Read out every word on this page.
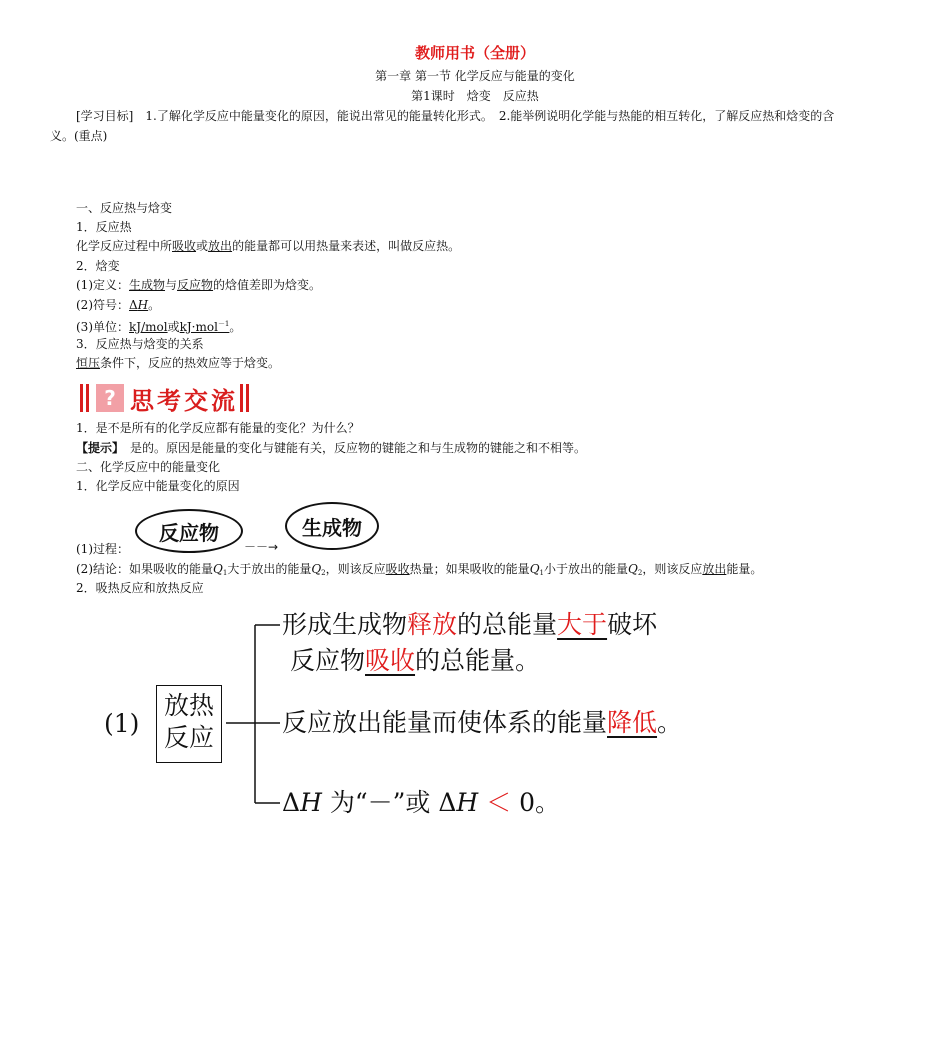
教师用书（全册）
第一章 第一节 化学反应与能量的变化
第1课时　焓变　反应热
[学习目标]　1.了解化学反应中能量变化的原因，能说出常见的能量转化形式。　2.能举例说明化学能与热能的相互转化，了解反应热和焓变的含
义。(重点)
一、反应热与焓变
1．反应热
化学反应过程中所吸收或放出的能量都可以用热量来表述，叫做反应热。
2．焓变
(1)定义：生成物与反应物的焓值差即为焓变。
(2)符号：ΔH。
(3)单位：kJ/mol或kJ·mol$^{-1}$。
3．反应热与焓变的关系
恒压条件下，反应的热效应等于焓变。
? 思考交流
1．是不是所有的化学反应都有能量的变化？为什么？
【提示】　是的。原因是能量的变化与键能有关，反应物的键能之和与生成物的键能之和不相等。
二、化学反应中的能量变化
1．化学反应中能量变化的原因
(1)过程：
反应物
－－→
生成物
(2)结论：如果吸收的能量$Q_1$大于放出的能量$Q_2$，则该反应吸收热量；如果吸收的能量$Q_1$小于放出的能量$Q_2$，则该反应放出能量。
2．吸热反应和放热反应
(1)
放热
反应
形成生成物释放的总能量大于破坏
反应物吸收的总能量。
反应放出能量而使体系的能量降低。
ΔH 为“－”或 ΔH ＜ 0。
